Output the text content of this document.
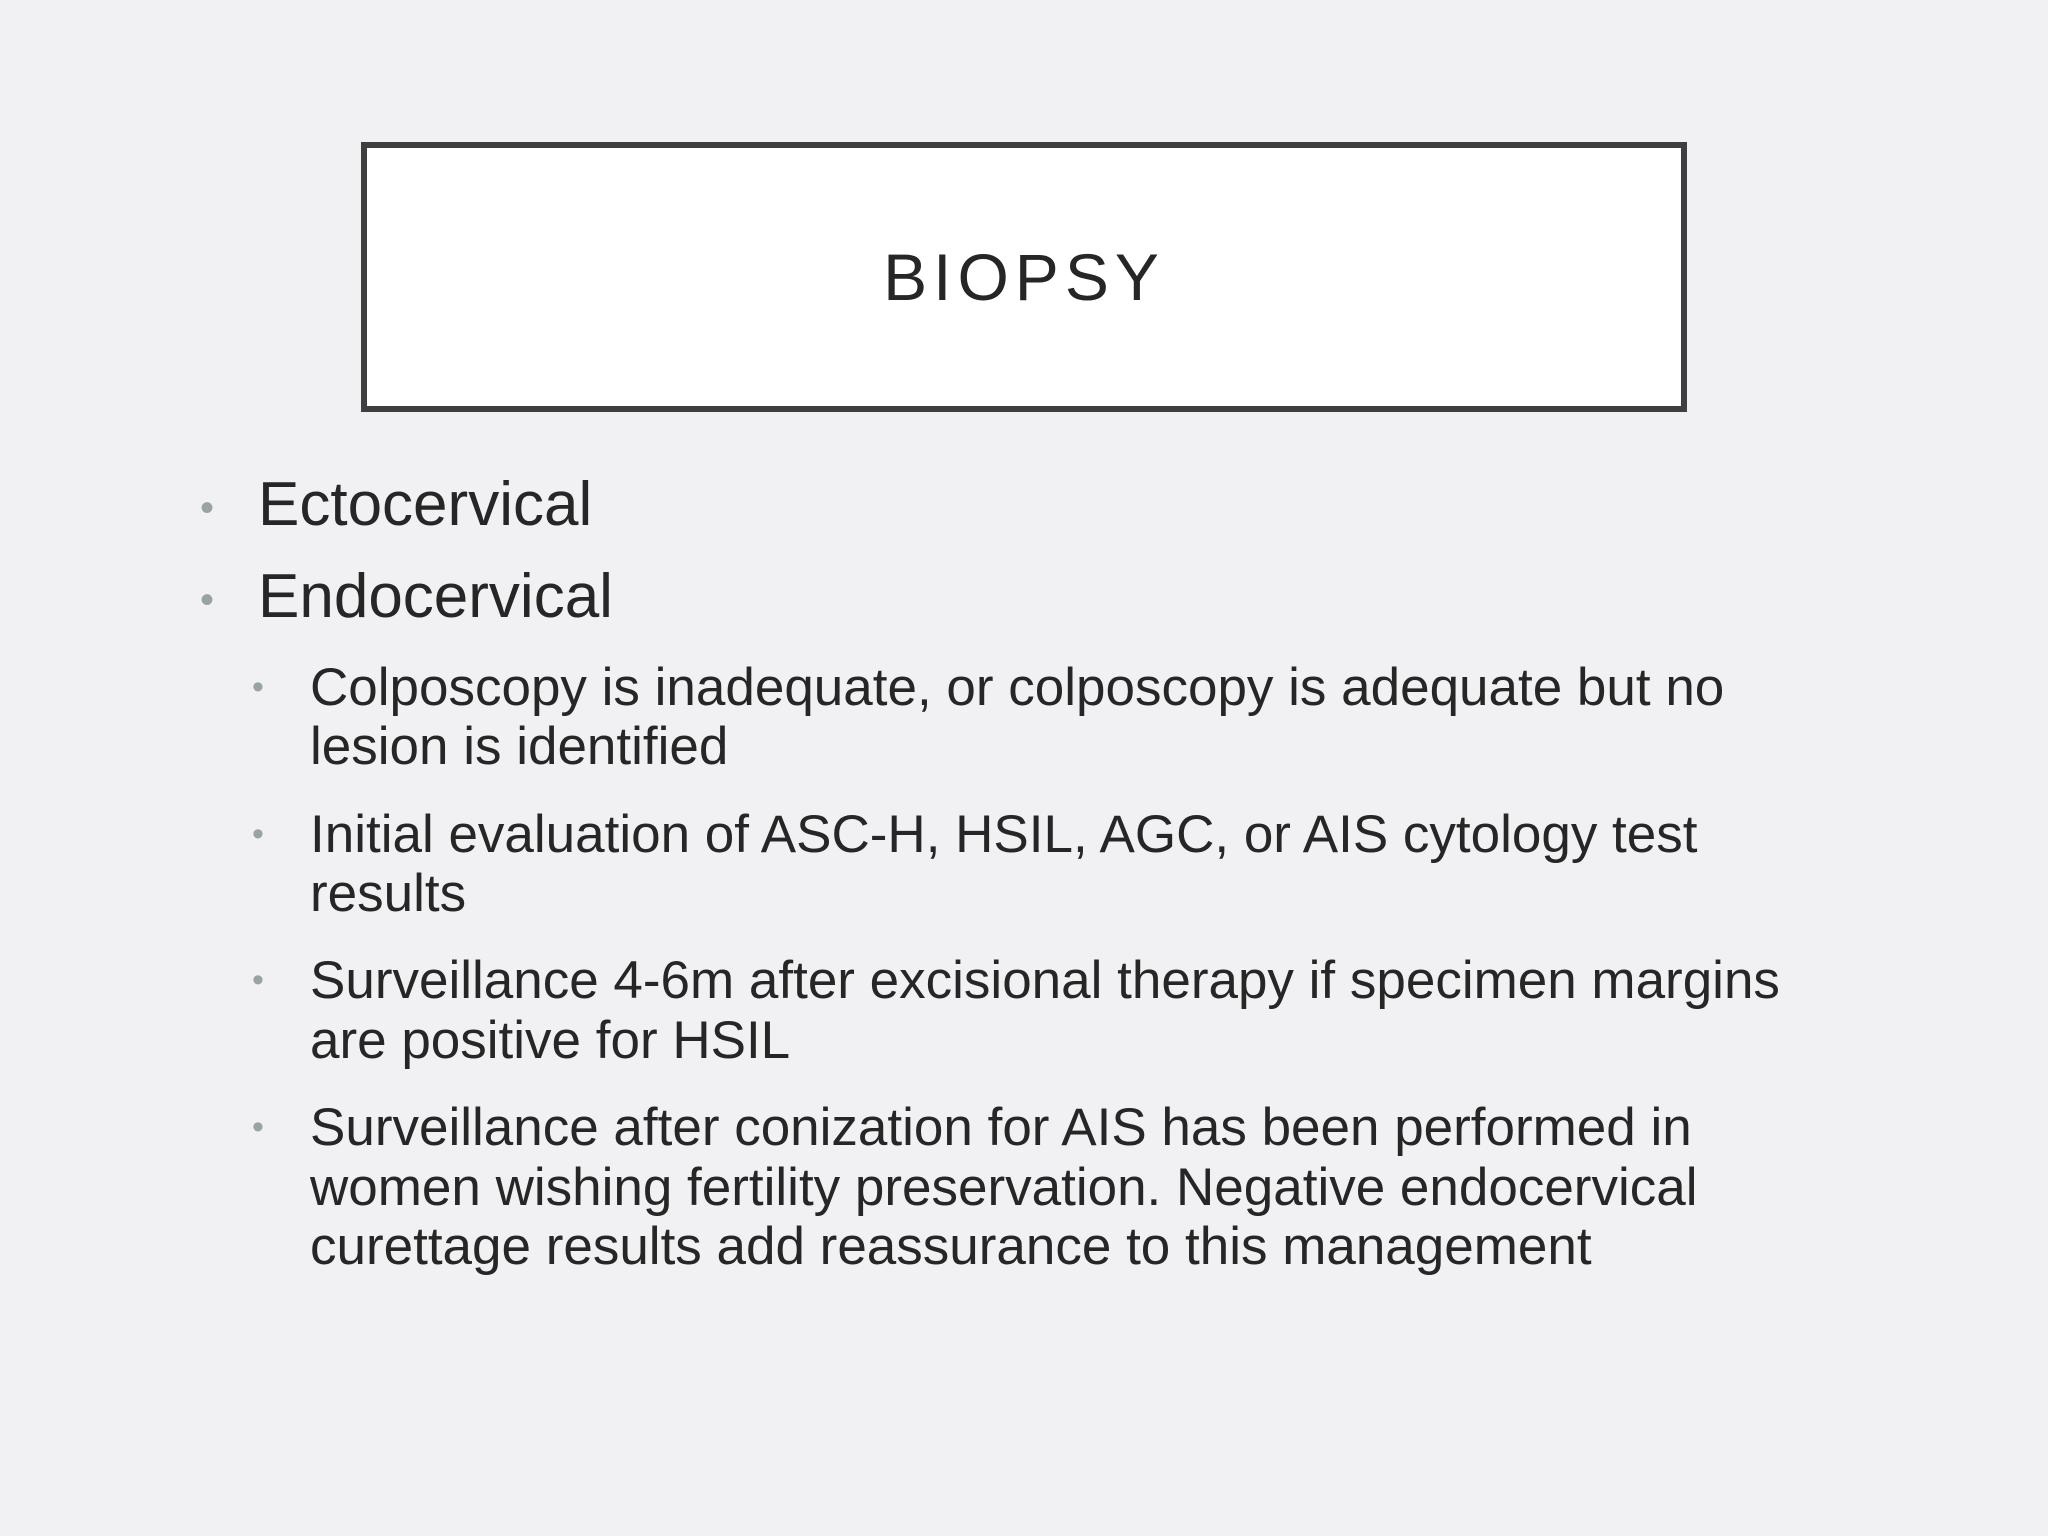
BIOPSY
• Ectocervical
• Endocervical
• Colposcopy is inadequate, or colposcopy is adequate but no lesion is identified
• Initial evaluation of ASC-H, HSIL, AGC, or AIS cytology test results
• Surveillance 4-6m after excisional therapy if specimen margins are positive for HSIL
• Surveillance after conization for AIS has been performed in women wishing fertility preservation. Negative endocervical curettage results add reassurance to this management
